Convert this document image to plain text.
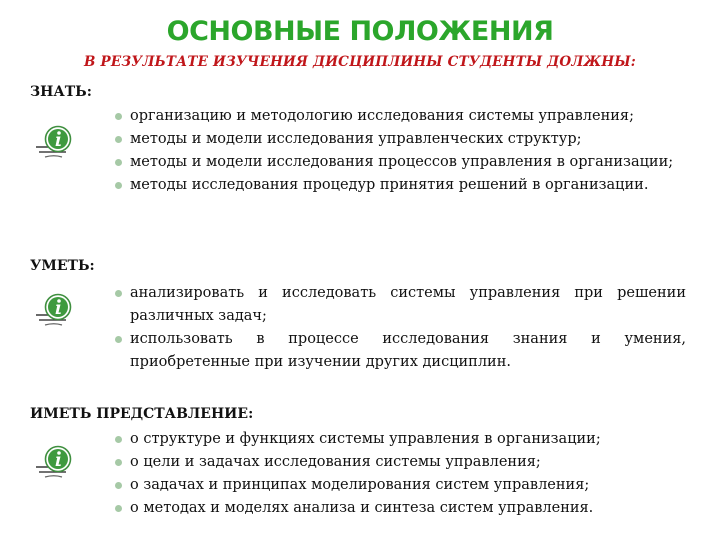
ОСНОВНЫЕ ПОЛОЖЕНИЯ

В РЕЗУЛЬТАТЕ ИЗУЧЕНИЯ ДИСЦИПЛИНЫ СТУДЕНТЫ ДОЛЖНЫ:

ЗНАТЬ:

организацию и методологию исследования системы управления;
методы и модели исследования управленческих структур;
методы и модели исследования процессов управления в организации;
методы исследования процедур принятия решений в организации.

УМЕТЬ:

анализировать и исследовать системы управления при решении различных задач;
использовать в процессе исследования знания и умения, приобретенные при изучении других дисциплин.

ИМЕТЬ ПРЕДСТАВЛЕНИЕ:

о структуре и функциях системы управления в организации;
о цели и задачах исследования системы управления;
о задачах и принципах моделирования систем управления;
о методах и моделях анализа и синтеза систем управления.
